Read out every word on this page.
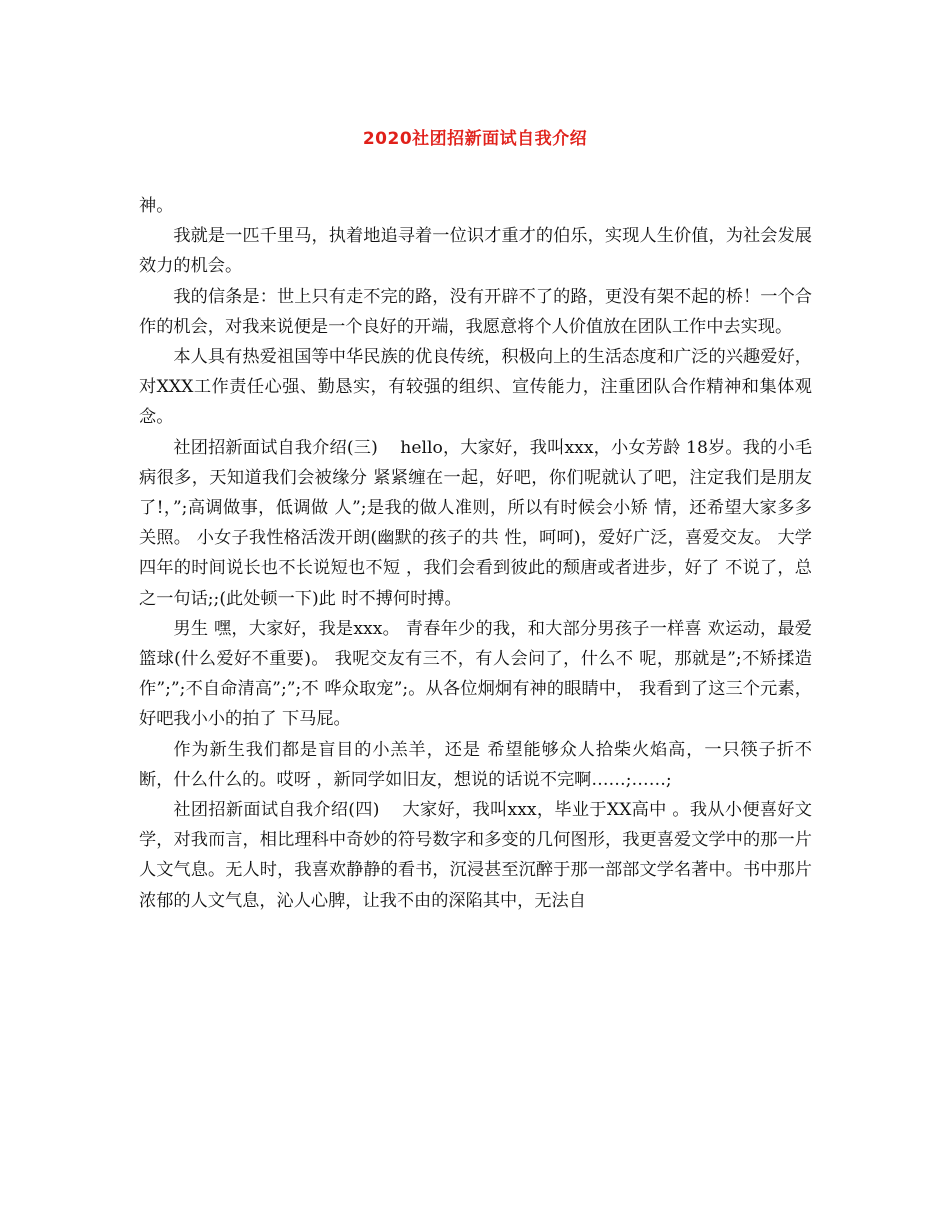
2020社团招新面试自我介绍

神。

我就是一匹千里马，执着地追寻着一位识才重才的伯乐，实现人生价值，为社会发展效力的机会。

我的信条是：世上只有走不完的路，没有开辟不了的路，更没有架不起的桥！一个合作的机会，对我来说便是一个良好的开端，我愿意将个人价值放在团队工作中去实现。

本人具有热爱祖国等中华民族的优良传统，积极向上的生活态度和广泛的兴趣爱好，对XXX工作责任心强、勤恳实，有较强的组织、宣传能力，注重团队合作精神和集体观念。

社团招新面试自我介绍(三)    hello，大家好，我叫xxx，小女芳龄 18岁。我的小毛病很多，天知道我们会被缘分 紧紧缠在一起，好吧，你们呢就认了吧，注定我们是朋友了!，”;高调做事，低调做 人”;是我的做人准则，所以有时候会小矫 情，还希望大家多多关照。 小女子我性格活泼开朗(幽默的孩子的共 性，呵呵)，爱好广泛，喜爱交友。 大学四年的时间说长也不长说短也不短 ，我们会看到彼此的颓唐或者进步，好了 不说了，总之一句话;;(此处顿一下)此 时不搏何时搏。

男生 嘿，大家好，我是xxx。 青春年少的我，和大部分男孩子一样喜 欢运动，最爱篮球(什么爱好不重要)。 我呢交友有三不，有人会问了，什么不 呢，那就是”;不矫揉造作”;”;不自命清高”;”;不 哗众取宠”;。从各位炯炯有神的眼睛中， 我看到了这三个元素，好吧我小小的拍了 下马屁。

作为新生我们都是盲目的小羔羊，还是 希望能够众人拾柴火焰高，一只筷子折不 断，什么什么的。哎呀 ，新同学如旧友，想说的话说不完啊……;……;

社团招新面试自我介绍(四)    大家好，我叫xxx，毕业于XX高中 。我从小便喜好文学，对我而言，相比理科中奇妙的符号数字和多变的几何图形，我更喜爱文学中的那一片人文气息。无人时，我喜欢静静的看书，沉浸甚至沉醉于那一部部文学名著中。书中那片浓郁的人文气息，沁人心脾，让我不由的深陷其中，无法自
